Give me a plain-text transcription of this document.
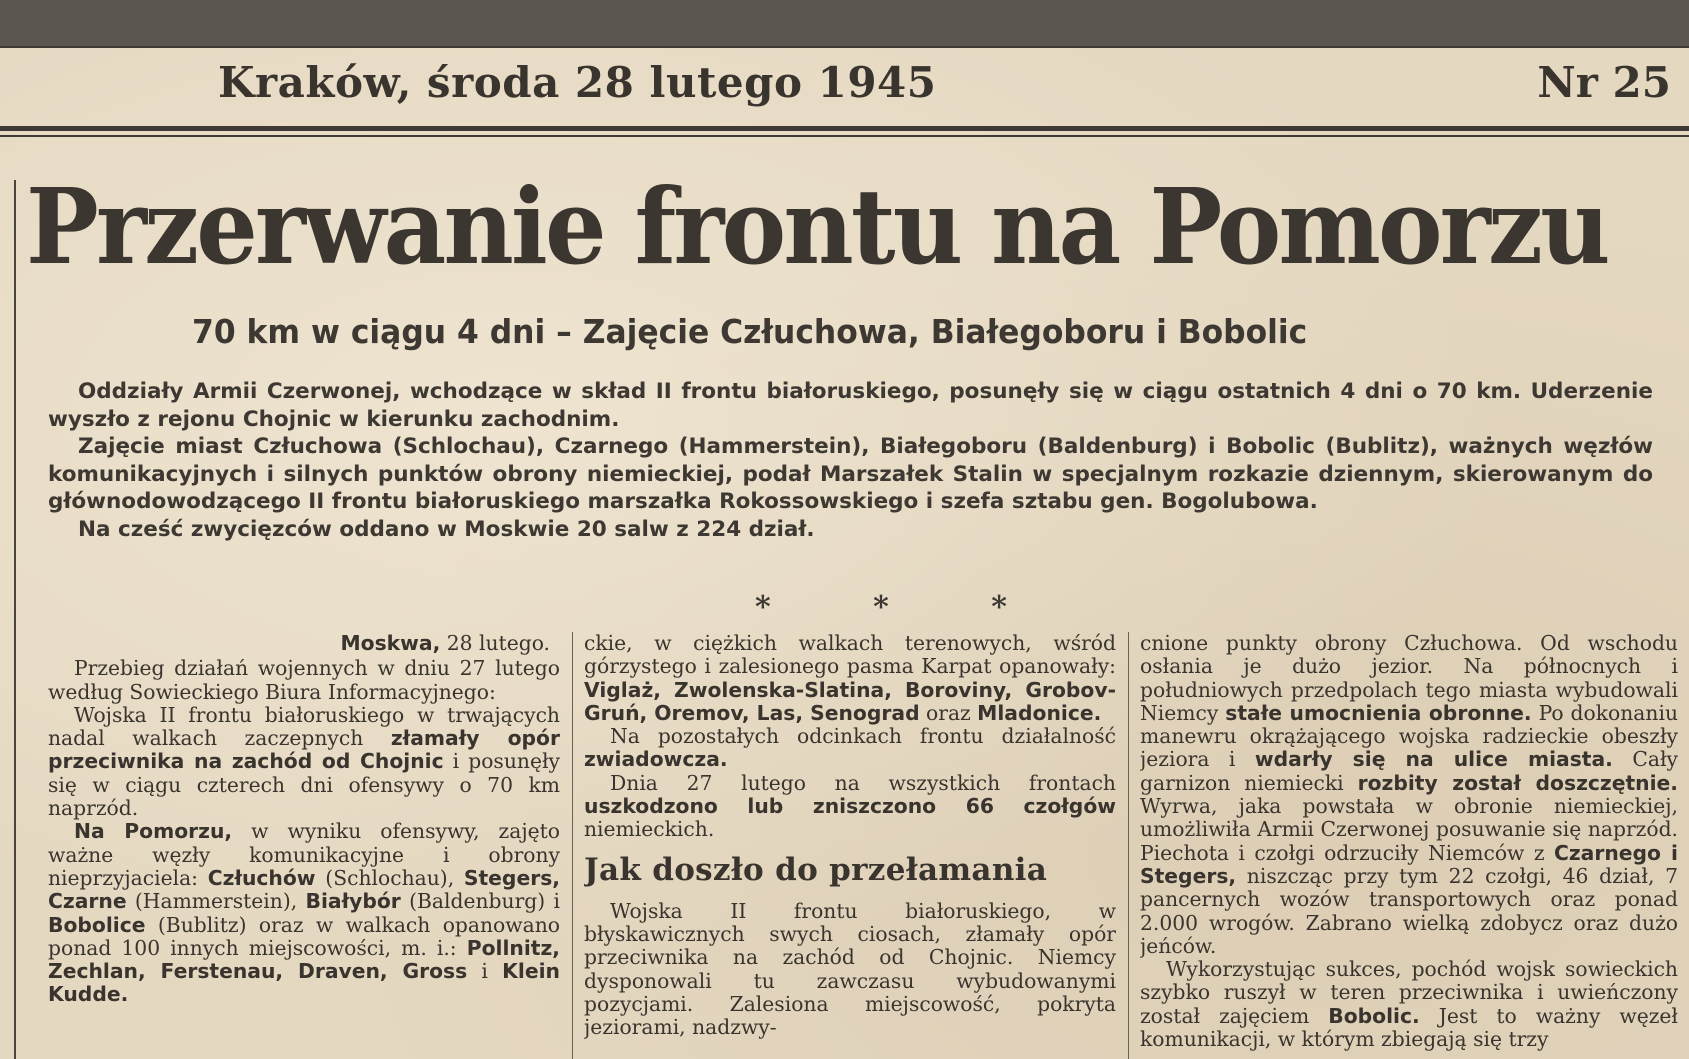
Kraków, środa 28 lutego 1945	Nr 25
Przerwanie frontu na Pomorzu
70 km w ciągu 4 dni – Zajęcie Człuchowa, Białegoboru i Bobolic

Oddziały Armii Czerwonej, wchodzące w skład II frontu białoruskiego, posunęły się w ciągu ostatnich 4 dni o 70 km. Uderzenie wyszło z rejonu Chojnic w kierunku zachodnim.

Zajęcie miast Człuchowa (Schlochau), Czarnego (Hammerstein), Białegoboru (Baldenburg) i Bobolic (Bublitz), ważnych węzłów komunikacyjnych i silnych punktów obrony niemieckiej, podał Marszałek Stalin w specjalnym rozkazie dziennym, skierowanym do głównodowodzącego II frontu białoruskiego marszałka Rokossowskiego i szefa sztabu gen. Bogolubowa.

Na cześć zwycięzców oddano w Moskwie 20 salw z 224 dział.

* * *
Moskwa, 28 lutego.

Przebieg działań wojennych w dniu 27 lutego według Sowieckiego Biura Informacyjnego:

Wojska II frontu białoruskiego w trwających nadal walkach zaczepnych złamały opór przeciwnika na zachód od Chojnic i posunęły się w ciągu czterech dni ofensywy o 70 km naprzód.

Na Pomorzu, w wyniku ofensywy, zajęto ważne węzły komunikacyjne i obrony nieprzyjaciela: Człuchów (Schlochau), Stegers, Czarne (Hammerstein), Białybór (Baldenburg) i Bobolice (Bublitz) oraz w walkach opanowano ponad 100 innych miejscowości, m. i.: Pollnitz, Zechlan, Ferstenau, Draven, Gross i Klein Kudde.

ckie, w ciężkich walkach terenowych, wśród górzystego i zalesionego pasma Karpat opanowały: Viglaż, Zwolenska-Slatina, Boroviny, Grobov-Gruń, Oremov, Las, Senograd oraz Mladonice.

Na pozostałych odcinkach frontu działalność zwiadowcza.

Dnia 27 lutego na wszystkich frontach uszkodzono lub zniszczono 66 czołgów niemieckich.

Jak doszło do przełamania

Wojska II frontu białoruskiego, w błyskawicznych swych ciosach, złamały opór przeciwnika na zachód od Chojnic. Niemcy dysponowali tu zawczasu wybudowanymi pozycjami. Zalesiona miejscowość, pokryta jeziorami, nadzwy-

cnione punkty obrony Człuchowa. Od wschodu osłania je dużo jezior. Na północnych i południowych przedpolach tego miasta wybudowali Niemcy stałe umocnienia obronne. Po dokonaniu manewru okrążającego wojska radzieckie obeszły jeziora i wdarły się na ulice miasta. Cały garnizon niemiecki rozbity został doszczętnie. Wyrwa, jaka powstała w obronie niemieckiej, umożliwiła Armii Czerwonej posuwanie się naprzód. Piechota i czołgi odrzuciły Niemców z Czarnego i Stegers, niszcząc przy tym 22 czołgi, 46 dział, 7 pancernych wozów transportowych oraz ponad 2.000 wrogów. Zabrano wielką zdobycz oraz dużo jeńców.

Wykorzystując sukces, pochód wojsk sowieckich szybko ruszył w teren przeciwnika i uwieńczony został zajęciem Bobolic. Jest to ważny węzeł komunikacji, w którym zbiegają się trzy
